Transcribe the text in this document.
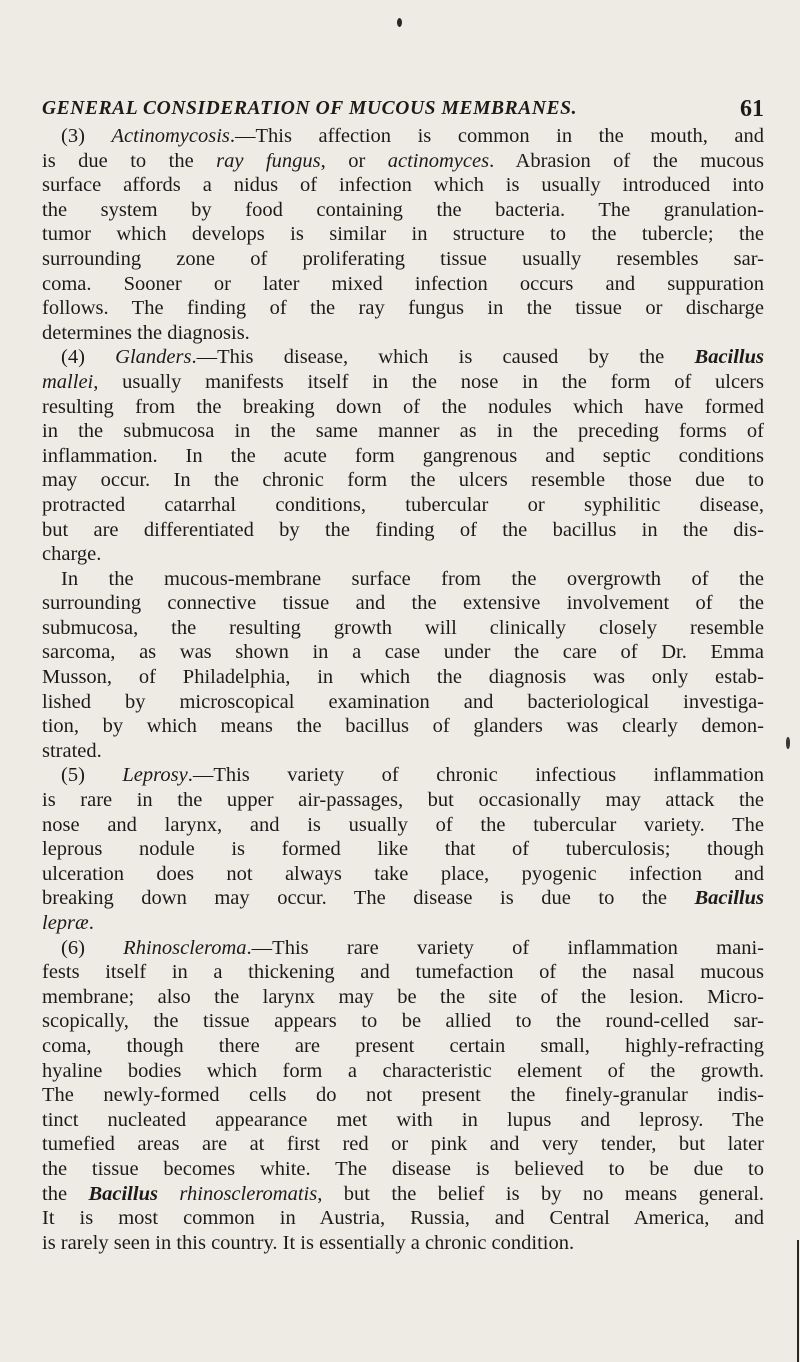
GENERAL CONSIDERATION OF MUCOUS MEMBRANES.	61
(3) Actinomycosis.—This affection is common in the mouth, and
is due to the ray fungus, or actinomyces. Abrasion of the mucous
surface affords a nidus of infection which is usually introduced into
the system by food containing the bacteria. The granulation-
tumor which develops is similar in structure to the tubercle; the
surrounding zone of proliferating tissue usually resembles sar-
coma. Sooner or later mixed infection occurs and suppuration
follows. The finding of the ray fungus in the tissue or discharge
determines the diagnosis.
(4) Glanders.—This disease, which is caused by the Bacillus
mallei, usually manifests itself in the nose in the form of ulcers
resulting from the breaking down of the nodules which have formed
in the submucosa in the same manner as in the preceding forms of
inflammation. In the acute form gangrenous and septic conditions
may occur. In the chronic form the ulcers resemble those due to
protracted catarrhal conditions, tubercular or syphilitic disease,
but are differentiated by the finding of the bacillus in the dis-
charge.
In the mucous-membrane surface from the overgrowth of the
surrounding connective tissue and the extensive involvement of the
submucosa, the resulting growth will clinically closely resemble
sarcoma, as was shown in a case under the care of Dr. Emma
Musson, of Philadelphia, in which the diagnosis was only estab-
lished by microscopical examination and bacteriological investiga-
tion, by which means the bacillus of glanders was clearly demon-
strated.
(5) Leprosy.—This variety of chronic infectious inflammation
is rare in the upper air-passages, but occasionally may attack the
nose and larynx, and is usually of the tubercular variety. The
leprous nodule is formed like that of tuberculosis; though
ulceration does not always take place, pyogenic infection and
breaking down may occur. The disease is due to the Bacillus
lepræ.
(6) Rhinoscleroma.—This rare variety of inflammation mani-
fests itself in a thickening and tumefaction of the nasal mucous
membrane; also the larynx may be the site of the lesion. Micro-
scopically, the tissue appears to be allied to the round-celled sar-
coma, though there are present certain small, highly-refracting
hyaline bodies which form a characteristic element of the growth.
The newly-formed cells do not present the finely-granular indis-
tinct nucleated appearance met with in lupus and leprosy. The
tumefied areas are at first red or pink and very tender, but later
the tissue becomes white. The disease is believed to be due to
the Bacillus rhinoscleromatis, but the belief is by no means general.
It is most common in Austria, Russia, and Central America, and
is rarely seen in this country. It is essentially a chronic condition.
